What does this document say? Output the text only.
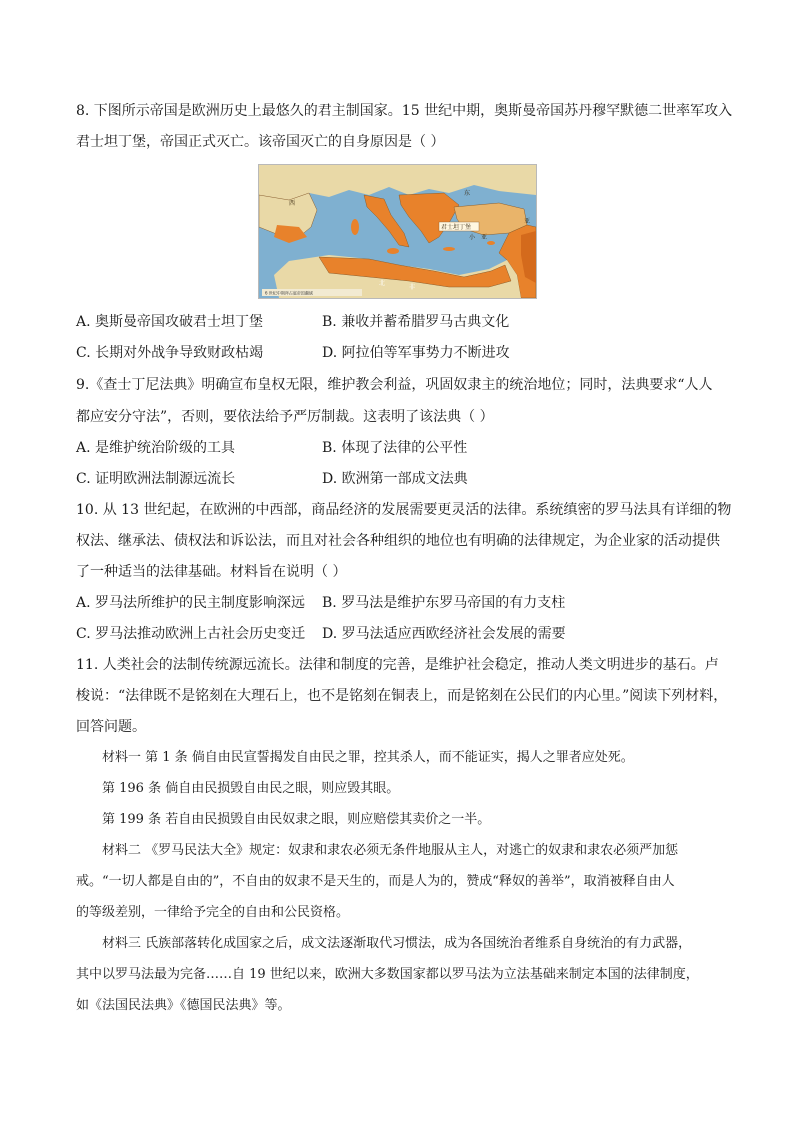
8. 下图所示帝国是欧洲历史上最悠久的君主制国家。15 世纪中期，奥斯曼帝国苏丹穆罕默德二世率军攻入
君士坦丁堡，帝国正式灭亡。该帝国灭亡的自身原因是（ ）
西
东
君士坦丁堡
亚
小 亚
北
非
6 世纪中期拜占庭帝国疆域
A. 奥斯曼帝国攻破君士坦丁堡	B. 兼收并蓄希腊罗马古典文化
C. 长期对外战争导致财政枯竭	D. 阿拉伯等军事势力不断进攻
9.《查士丁尼法典》明确宣布皇权无限，维护教会利益，巩固奴隶主的统治地位；同时，法典要求“人人
都应安分守法”，否则，要依法给予严厉制裁。这表明了该法典（ ）
A. 是维护统治阶级的工具	B. 体现了法律的公平性
C. 证明欧洲法制源远流长	D. 欧洲第一部成文法典
10. 从 13 世纪起，在欧洲的中西部，商品经济的发展需要更灵活的法律。系统缜密的罗马法具有详细的物
权法、继承法、债权法和诉讼法，而且对社会各种组织的地位也有明确的法律规定，为企业家的活动提供
了一种适当的法律基础。材料旨在说明（ ）
A. 罗马法所维护的民主制度影响深远 B. 罗马法是维护东罗马帝国的有力支柱
C. 罗马法推动欧洲上古社会历史变迁 D. 罗马法适应西欧经济社会发展的需要
11. 人类社会的法制传统源远流长。法律和制度的完善，是维护社会稳定，推动人类文明进步的基石。卢
梭说：“法律既不是铭刻在大理石上，也不是铭刻在铜表上，而是铭刻在公民们的内心里。”阅读下列材料，
回答问题。
材料一 第 1 条 倘自由民宣誓揭发自由民之罪，控其杀人，而不能证实，揭人之罪者应处死。
第 196 条 倘自由民损毁自由民之眼，则应毁其眼。
第 199 条 若自由民损毁自由民奴隶之眼，则应赔偿其卖价之一半。
材料二 《罗马民法大全》规定：奴隶和隶农必须无条件地服从主人，对逃亡的奴隶和隶农必须严加惩
戒。“一切人都是自由的”，不自由的奴隶不是天生的，而是人为的，赞成“释奴的善举”，取消被释自由人
的等级差别，一律给予完全的自由和公民资格。
材料三 氏族部落转化成国家之后，成文法逐渐取代习惯法，成为各国统治者维系自身统治的有力武器，
其中以罗马法最为完备……自 19 世纪以来，欧洲大多数国家都以罗马法为立法基础来制定本国的法律制度，
如《法国民法典》《德国民法典》等。
